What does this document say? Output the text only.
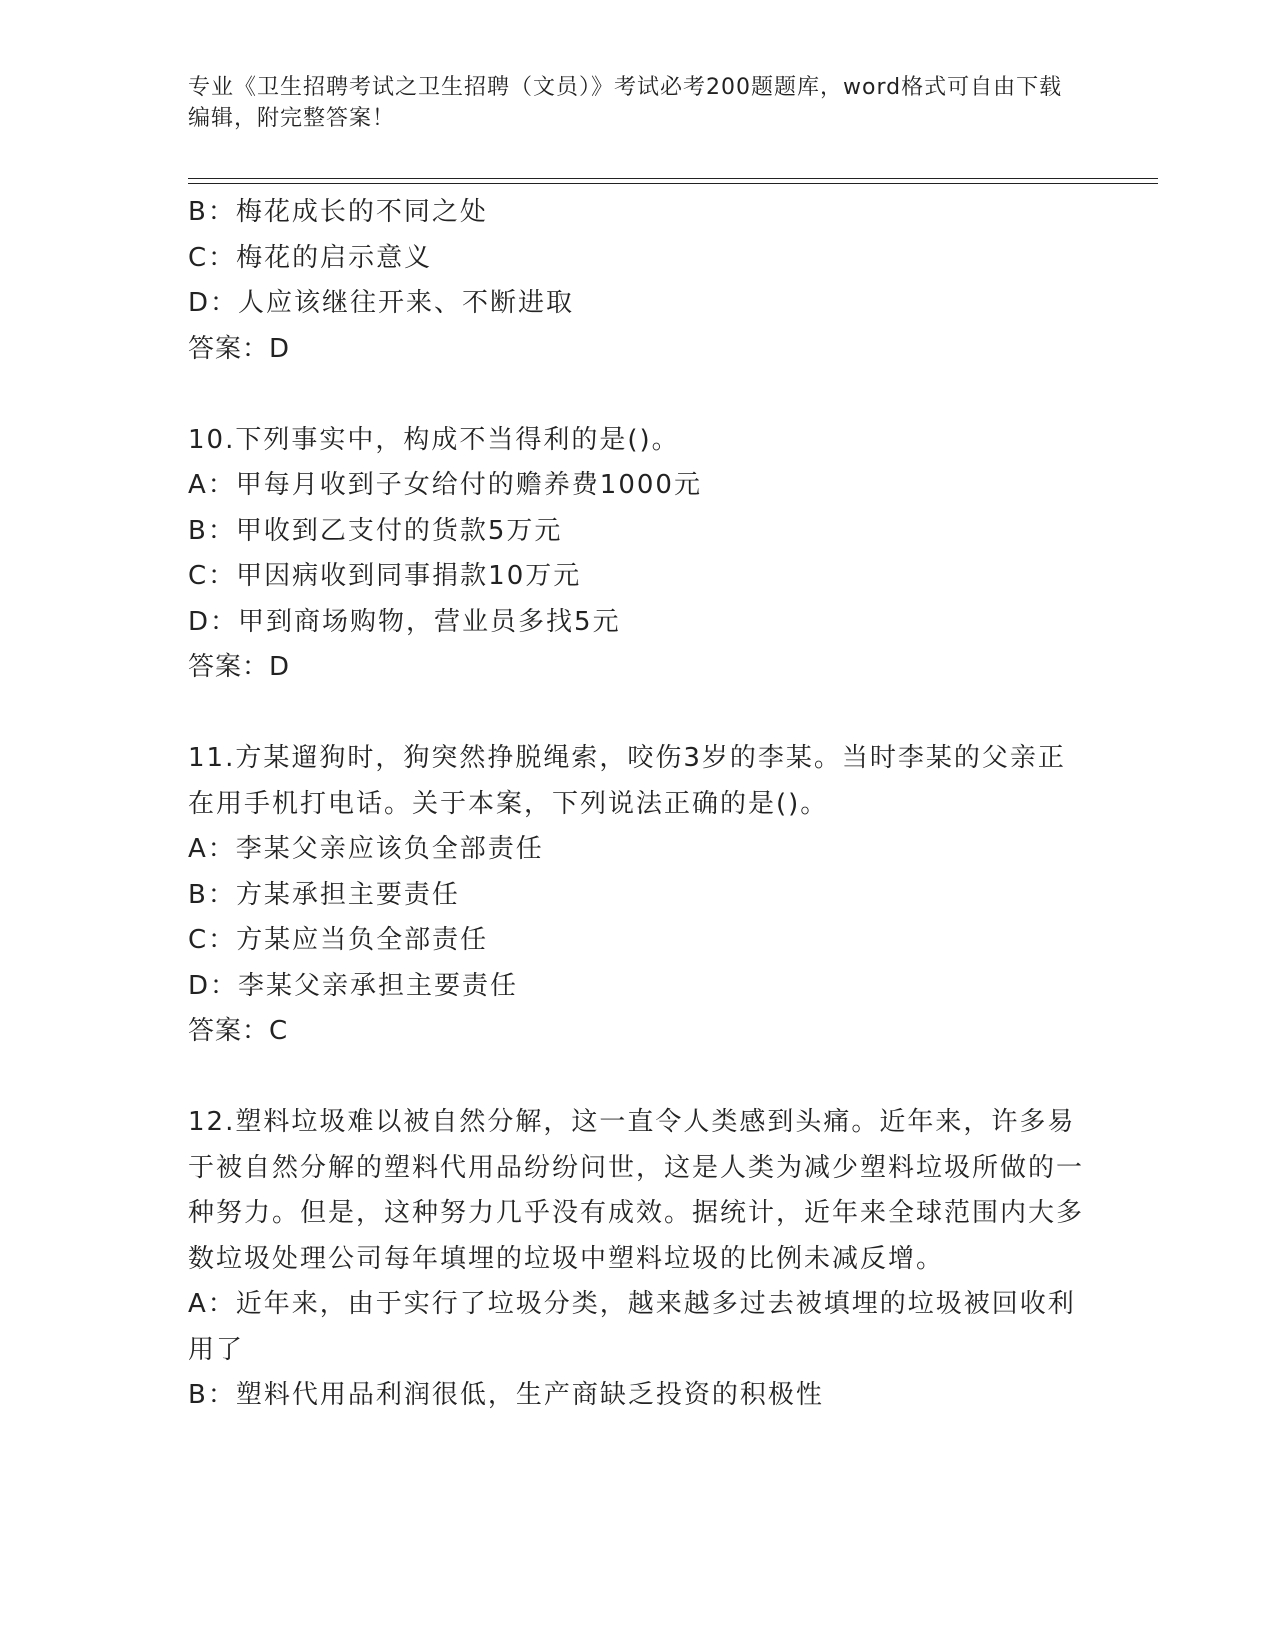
专业《卫生招聘考试之卫生招聘（文员）》考试必考200题题库，word格式可自由下载编辑，附完整答案！

B：梅花成长的不同之处

C：梅花的启示意义

D：人应该继往开来、不断进取

答案：D

10.下列事实中，构成不当得利的是()。

A：甲每月收到子女给付的赡养费1000元

B：甲收到乙支付的货款5万元

C：甲因病收到同事捐款10万元

D：甲到商场购物，营业员多找5元

答案：D

11.方某遛狗时，狗突然挣脱绳索，咬伤3岁的李某。当时李某的父亲正在用手机打电话。关于本案，下列说法正确的是()。

A：李某父亲应该负全部责任

B：方某承担主要责任

C：方某应当负全部责任

D：李某父亲承担主要责任

答案：C

12.塑料垃圾难以被自然分解，这一直令人类感到头痛。近年来，许多易于被自然分解的塑料代用品纷纷问世，这是人类为减少塑料垃圾所做的一种努力。但是，这种努力几乎没有成效。据统计，近年来全球范围内大多数垃圾处理公司每年填埋的垃圾中塑料垃圾的比例未减反增。

A：近年来，由于实行了垃圾分类，越来越多过去被填埋的垃圾被回收利用了

B：塑料代用品利润很低，生产商缺乏投资的积极性
